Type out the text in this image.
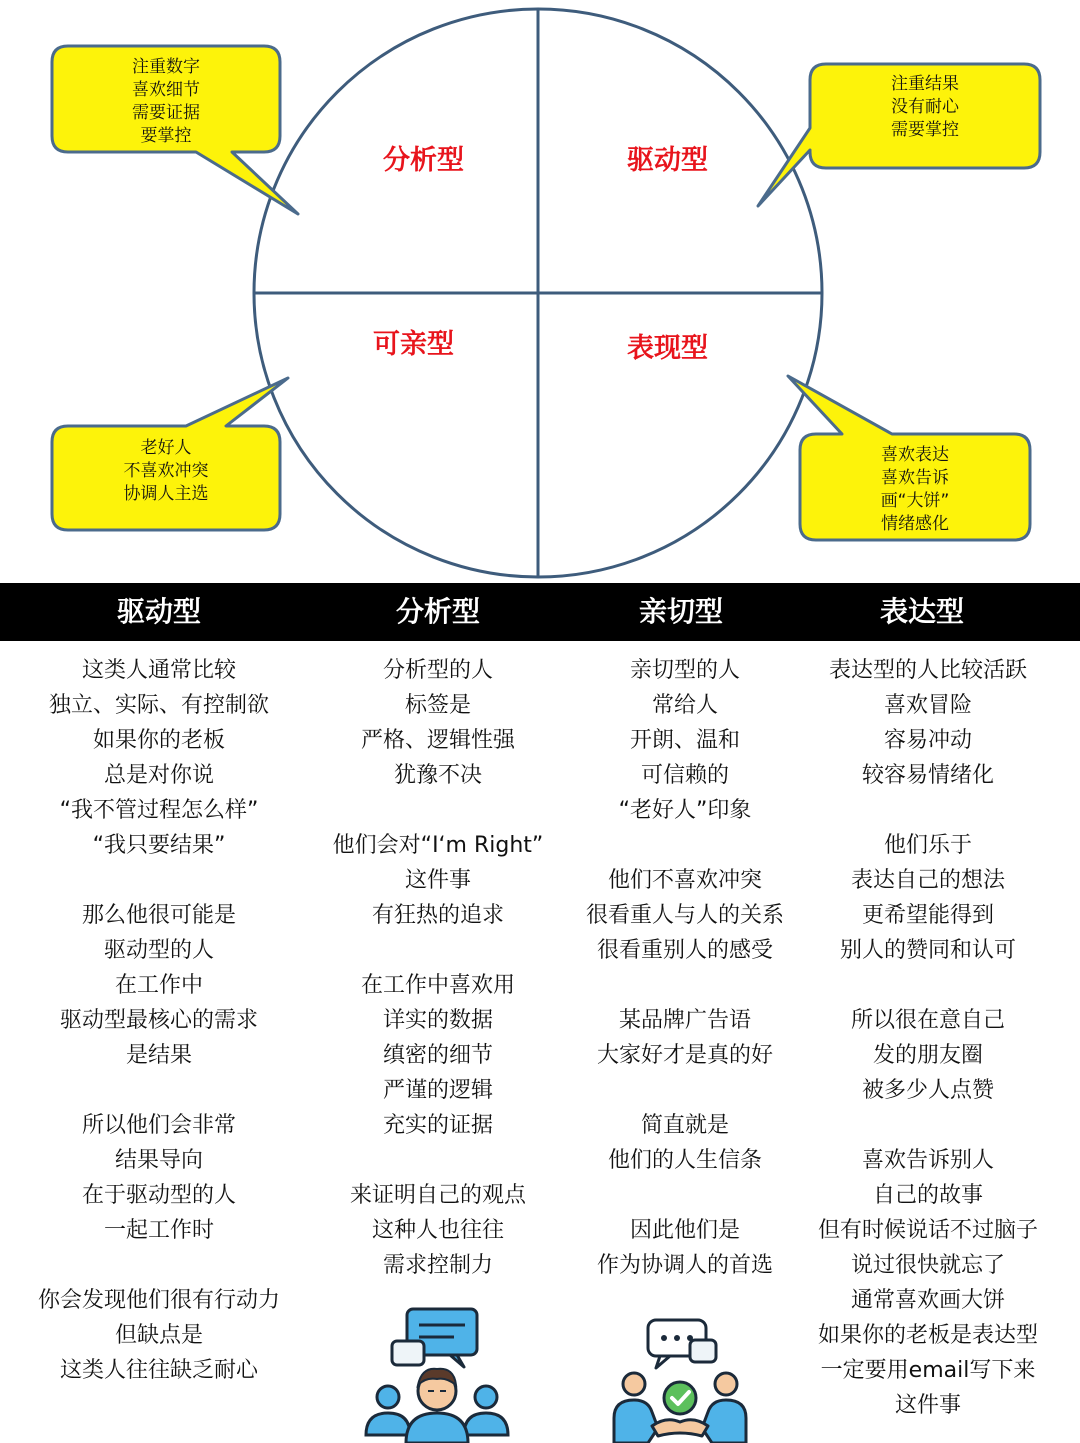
分析型	驱动型
可亲型	表现型
注重数字
喜欢细节
需要证据
要掌控
注重结果
没有耐心
需要掌控
老好人
不喜欢冲突
协调人主选
喜欢表达
喜欢告诉
画“大饼”
情绪感化
驱动型	分析型	亲切型	表达型
这类人通常比较
独立、实际、有控制欲
如果你的老板
总是对你说
“我不管过程怎么样”
“我只要结果”
那么他很可能是
驱动型的人
在工作中
驱动型最核心的需求
是结果
所以他们会非常
结果导向
在于驱动型的人
一起工作时
你会发现他们很有行动力
但缺点是
这类人往往缺乏耐心
分析型的人
标签是
严格、逻辑性强
犹豫不决
他们会对“I‘m Right”
这件事
有狂热的追求
在工作中喜欢用
详实的数据
缜密的细节
严谨的逻辑
充实的证据
来证明自己的观点
这种人也往往
需求控制力
亲切型的人
常给人
开朗、温和
可信赖的
“老好人”印象
他们不喜欢冲突
很看重人与人的关系
很看重别人的感受
某品牌广告语
大家好才是真的好
简直就是
他们的人生信条
因此他们是
作为协调人的首选
表达型的人比较活跃
喜欢冒险
容易冲动
较容易情绪化
他们乐于
表达自己的想法
更希望能得到
别人的赞同和认可
所以很在意自己
发的朋友圈
被多少人点赞
喜欢告诉别人
自己的故事
但有时候说话不过脑子
说过很快就忘了
通常喜欢画大饼
如果你的老板是表达型
一定要用email写下来
这件事
